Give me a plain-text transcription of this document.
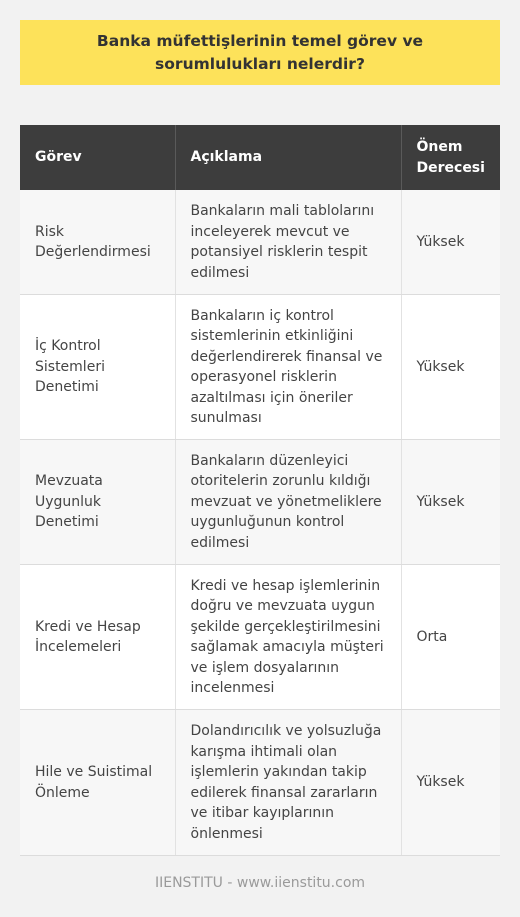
Banka müfettişlerinin temel görev ve sorumlulukları nelerdir?
Görev	Açıklama	Önem Derecesi
Risk Değerlendirmesi	Bankaların mali tablolarını inceleyerek mevcut ve potansiyel risklerin tespit edilmesi	Yüksek
İç Kontrol Sistemleri Denetimi	Bankaların iç kontrol sistemlerinin etkinliğini değerlendirerek finansal ve operasyonel risklerin azaltılması için öneriler sunulması	Yüksek
Mevzuata Uygunluk Denetimi	Bankaların düzenleyici otoritelerin zorunlu kıldığı mevzuat ve yönetmeliklere uygunluğunun kontrol edilmesi	Yüksek
Kredi ve Hesap İncelemeleri	Kredi ve hesap işlemlerinin doğru ve mevzuata uygun şekilde gerçekleştirilmesini sağlamak amacıyla müşteri ve işlem dosyalarının incelenmesi	Orta
Hile ve Suistimal Önleme	Dolandırıcılık ve yolsuzluğa karışma ihtimali olan işlemlerin yakından takip edilerek finansal zararların ve itibar kayıplarının önlenmesi	Yüksek
IIENSTITU - www.iienstitu.com
